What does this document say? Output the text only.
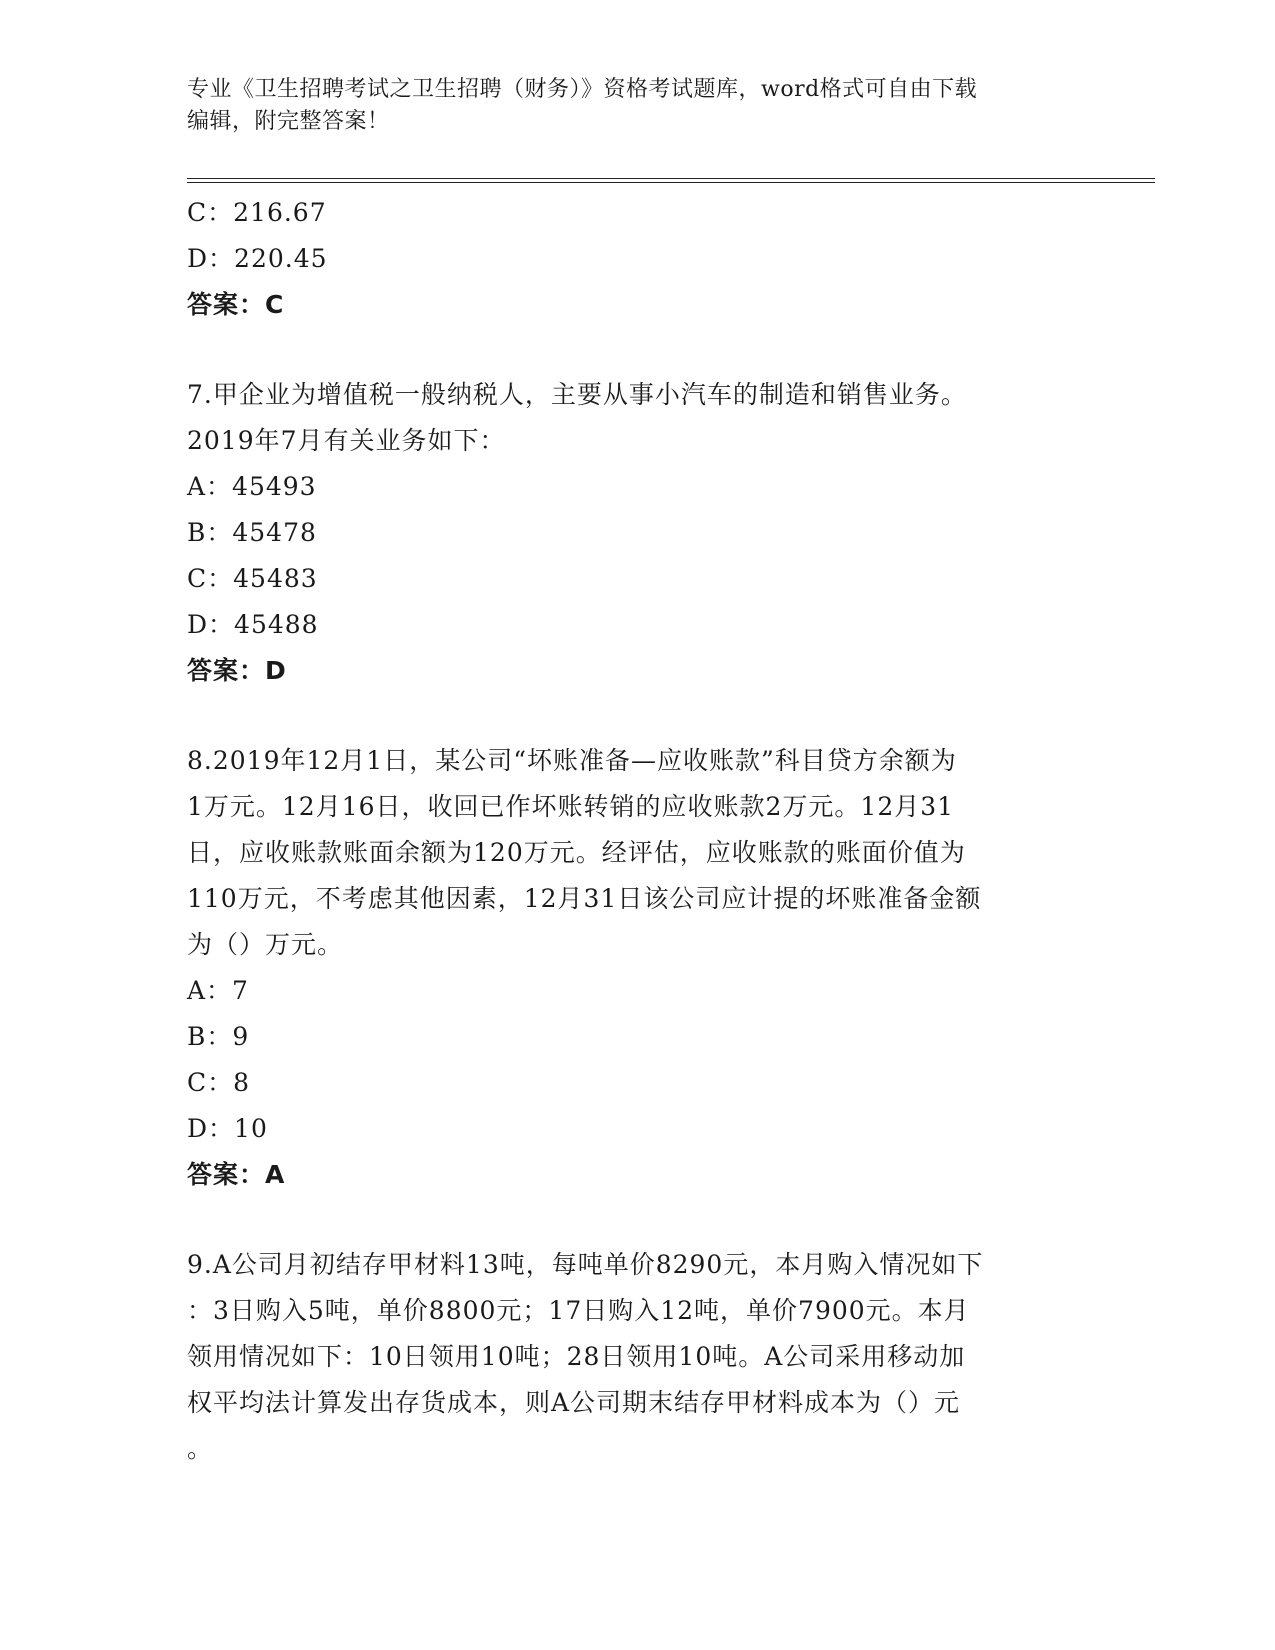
专业《卫生招聘考试之卫生招聘（财务）》资格考试题库，word格式可自由下载
编辑，附完整答案！
C：216.67
D：220.45
答案：C
7.甲企业为增值税一般纳税人，主要从事小汽车的制造和销售业务。
2019年7月有关业务如下：
A：45493
B：45478
C：45483
D：45488
答案：D
8.2019年12月1日，某公司“坏账准备—应收账款”科目贷方余额为
1万元。12月16日，收回已作坏账转销的应收账款2万元。12月31
日，应收账款账面余额为120万元。经评估，应收账款的账面价值为
110万元，不考虑其他因素，12月31日该公司应计提的坏账准备金额
为（）万元。
A：7
B：9
C：8
D：10
答案：A
9.A公司月初结存甲材料13吨，每吨单价8290元，本月购入情况如下
：3日购入5吨，单价8800元；17日购入12吨，单价7900元。本月
领用情况如下：10日领用10吨；28日领用10吨。A公司采用移动加
权平均法计算发出存货成本，则A公司期末结存甲材料成本为（）元
。
